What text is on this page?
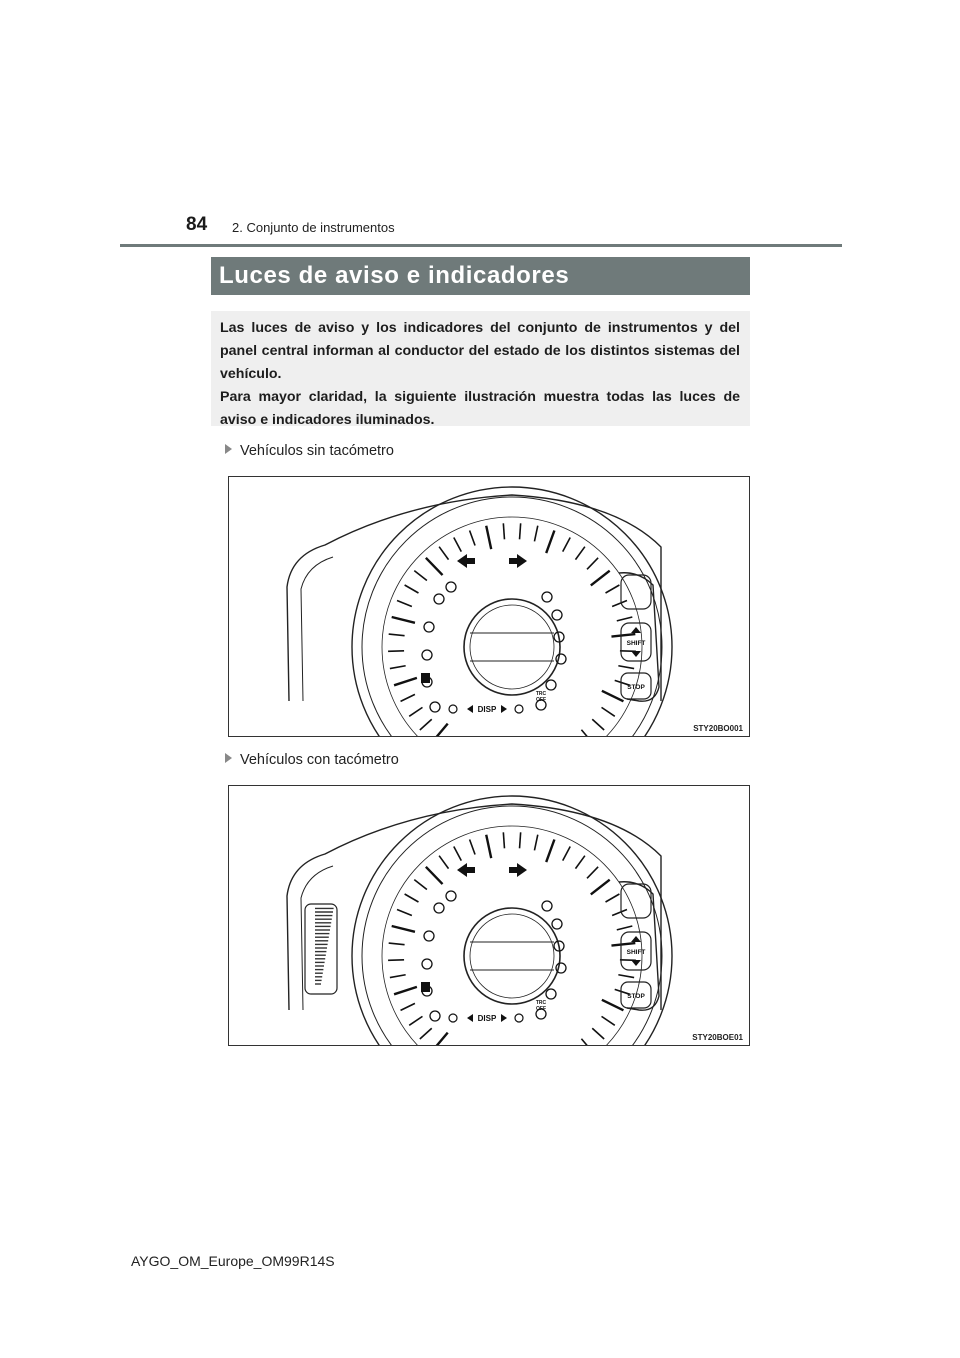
84 2. Conjunto de instrumentos
Luces de aviso e indicadores

Las luces de aviso y los indicadores del conjunto de instrumentos y del panel central informan al conductor del estado de los distintos sistemas del vehículo.

Para mayor claridad, la siguiente ilustración muestra todas las luces de aviso e indicadores iluminados.

Vehículos sin tacómetro
DISP
TRC
OFF
SHIFT
STOP
STY20BO001
Vehículos con tacómetro
DISP
TRC
OFF
SHIFT
STOP
STY20BOE01
AYGO_OM_Europe_OM99R14S
